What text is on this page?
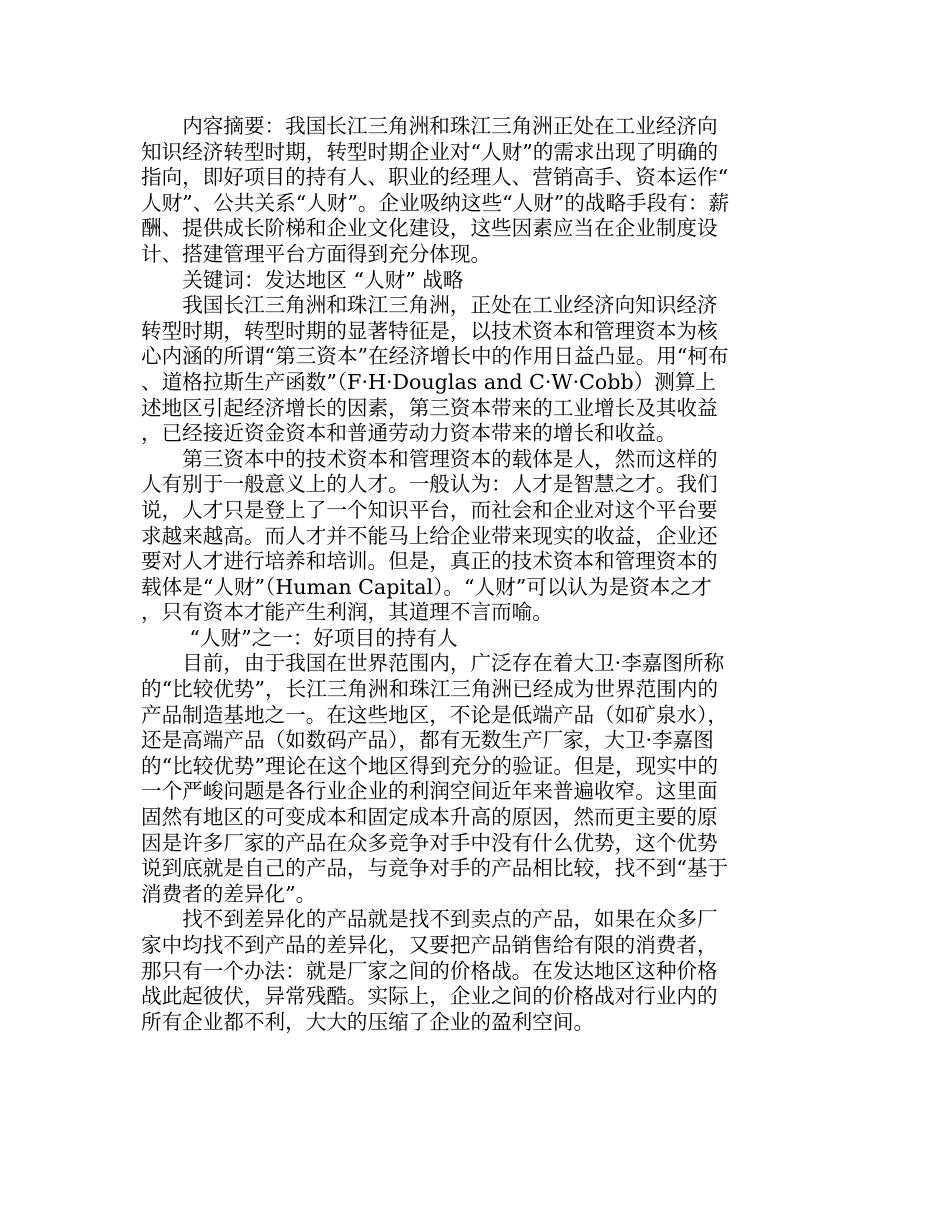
内容摘要：我国长江三角洲和珠江三角洲正处在工业经济向知识经济转型时期，转型时期企业对“人财”的需求出现了明确的指向，即好项目的持有人、职业的经理人、营销高手、资本运作“人财”、公共关系“人财”。企业吸纳这些“人财”的战略手段有：薪酬、提供成长阶梯和企业文化建设，这些因素应当在企业制度设计、搭建管理平台方面得到充分体现。

关键词：发达地区 “人财” 战略

我国长江三角洲和珠江三角洲，正处在工业经济向知识经济转型时期，转型时期的显著特征是，以技术资本和管理资本为核心内涵的所谓“第三资本”在经济增长中的作用日益凸显。用“柯布、道格拉斯生产函数”（F·H·Douglas and C·W·Cobb）测算上述地区引起经济增长的因素，第三资本带来的工业增长及其收益，已经接近资金资本和普通劳动力资本带来的增长和收益。

第三资本中的技术资本和管理资本的载体是人，然而这样的人有别于一般意义上的人才。一般认为：人才是智慧之才。我们说，人才只是登上了一个知识平台，而社会和企业对这个平台要求越来越高。而人才并不能马上给企业带来现实的收益，企业还要对人才进行培养和培训。但是，真正的技术资本和管理资本的载体是“人财”（Human Capital）。“人财”可以认为是资本之才，只有资本才能产生利润，其道理不言而喻。

“人财”之一：好项目的持有人

目前，由于我国在世界范围内，广泛存在着大卫·李嘉图所称的“比较优势”，长江三角洲和珠江三角洲已经成为世界范围内的产品制造基地之一。在这些地区，不论是低端产品（如矿泉水），还是高端产品（如数码产品），都有无数生产厂家，大卫·李嘉图的“比较优势”理论在这个地区得到充分的验证。但是，现实中的一个严峻问题是各行业企业的利润空间近年来普遍收窄。这里面固然有地区的可变成本和固定成本升高的原因，然而更主要的原因是许多厂家的产品在众多竞争对手中没有什么优势，这个优势说到底就是自己的产品，与竞争对手的产品相比较，找不到“基于消费者的差异化”。

找不到差异化的产品就是找不到卖点的产品，如果在众多厂家中均找不到产品的差异化，又要把产品销售给有限的消费者，那只有一个办法：就是厂家之间的价格战。在发达地区这种价格战此起彼伏，异常残酷。实际上，企业之间的价格战对行业内的所有企业都不利，大大的压缩了企业的盈利空间。
